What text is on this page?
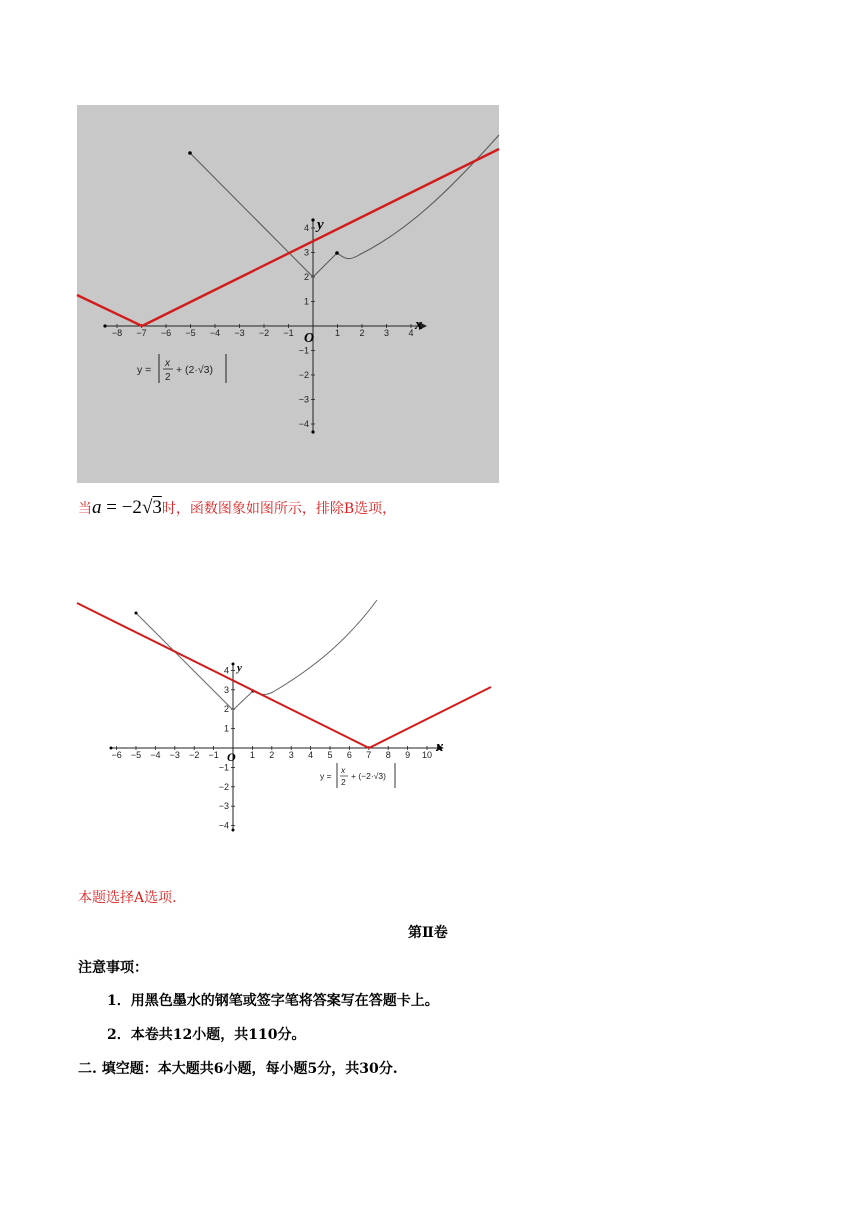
−8 −7 −6 −5 −4 −3 −2 −1	1 2 3 4
−4
−3
−2
−1
1
2
3
4
x
y
O
y =
x
2
+ (2·√3)
当a = −2√3时，函数图象如图所示，排除B选项，
−6 −5 −4 −3 −2 −1	1 2 3 4 5 6 7 8 9 10
−4
−3
−2
−1
1
2
3
4
x
y
O
y =
x
2
+ (−2·√3)
本题选择A选项.
第Ⅱ卷
注意事项：
1．用黑色墨水的钢笔或签字笔将答案写在答题卡上。
2．本卷共12小题，共110分。
二. 填空题：本大题共6小题，每小题5分，共30分.
